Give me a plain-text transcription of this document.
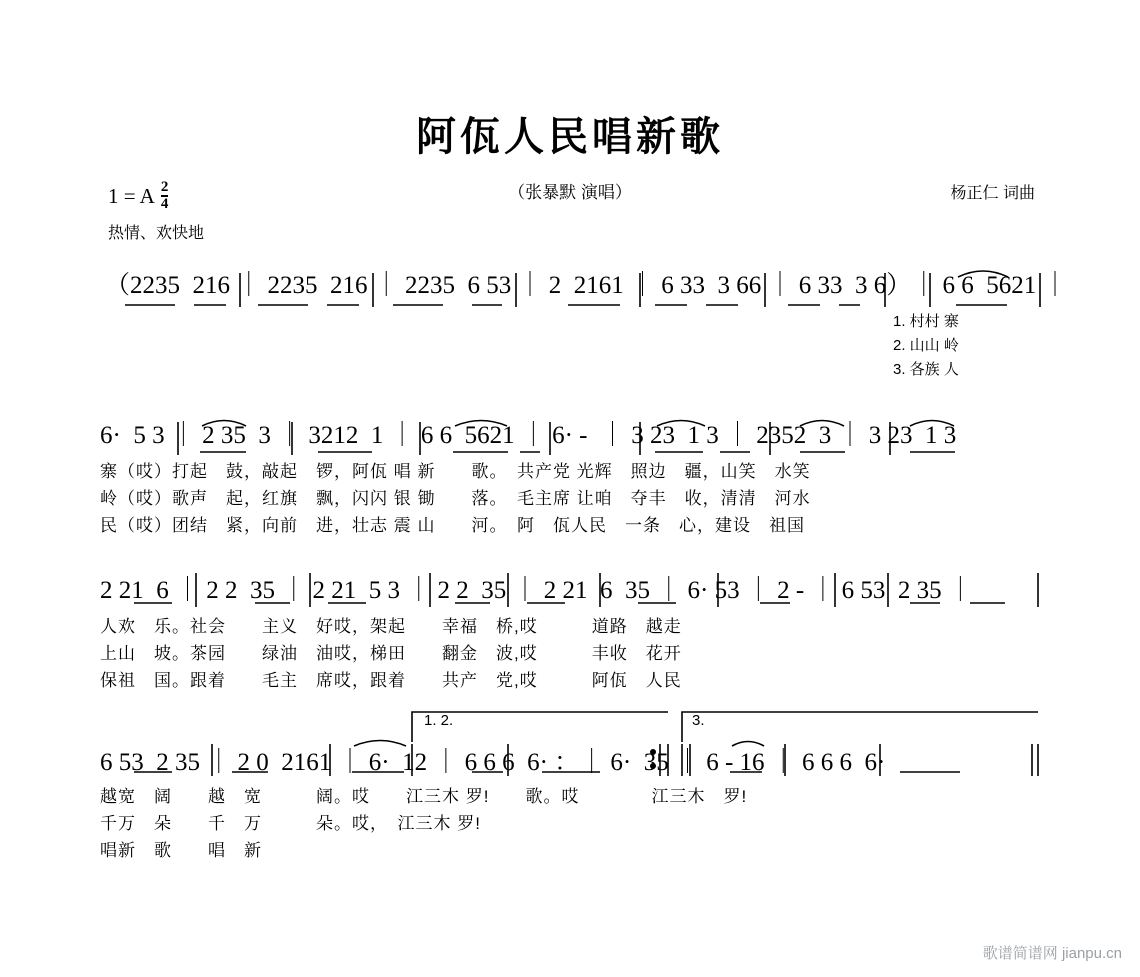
阿佤人民唱新歌
（张暴默 演唱）	杨正仁 词曲
1 = A $\frac{2}{4}$
热情、欢快地
（2235  216 ｜ 2235  216 ｜ 2235  6 53 ｜ 2  2161 ｜ 6 33  3 66 ｜ 6 33  3 6）｜ 6 6  5621 ｜
1. 村村 寨
2. 山山 岭
3. 各族 人
6·  5 3 ｜ 2 35  3 ｜ 3212  1 ｜ 6 6  5621 ｜ 6· -  ｜ 3 23  1 3 ｜ 2352  3 ｜ 3 23  1 3
寨（哎）打起　鼓，敲起　锣，阿佤 唱 新　　歌。　共产党 光辉　照边　疆，山笑　水笑
岭（哎）歌声　起，红旗　飘，闪闪 银 锄　　落。　毛主席 让咱　夺丰　收，清清　河水
民（哎）团结　紧，向前　进，壮志 震 山　　河。　阿　佤人民　一条　心，建设　祖国
2 21  6 ｜ 2 2  35 ｜ 2 21  5 3 ｜ 2 2  35 ｜ 2 21  6  35 ｜ 6· 53 ｜ 2 - ｜ 6 53  2 35 ｜
人欢　乐。社会　　主义　好哎，架起　　幸福　桥,哎　　　道路　越走
上山　坡。茶园　　绿油　油哎，梯田　　翻金　波,哎　　　丰收　花开
保祖　国。跟着　　毛主　席哎，跟着　　共产　党,哎　　　阿佤　人民
1. 2.	3.
6 53  2 35 ｜ 2 0  2161 ｜ 6·  12 ｜ 6 6 6  6· ：｜ 6·  35 ｜ 6 - 16 ｜ 6 6 6  6·
越宽　阔　　越　宽　　　阔。哎　　江三木 罗!　　歌。哎　　　　江三木　罗!
千万　朵　　千　万　　　朵。哎，　江三木 罗!
唱新　歌　　唱　新
歌谱简谱网 jianpu.cn
